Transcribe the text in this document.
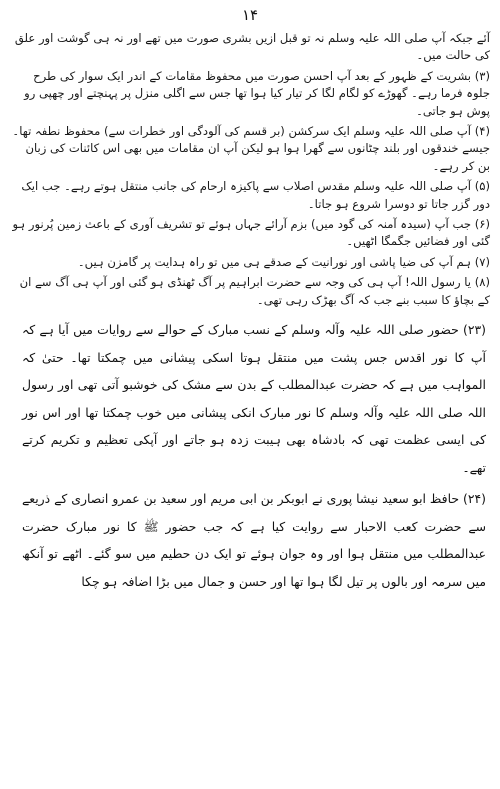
۱۴

آئے جبکہ آپ صلی اللہ علیہ وسلم نہ تو قبل ازیں بشری صورت میں تھے اور نہ ہی گوشت اور علق کی حالت میں۔

(۳) بشریت کے ظہور کے بعد آپ احسن صورت میں محفوظ مقامات کے اندر ایک سوار کی طرح جلوہ فرما رہے۔ گھوڑے کو لگام لگا کر تیار کیا ہوا تھا جس سے اگلی منزل پر پہنچتے اور چھپی رو پوش ہو جاتی۔

(۴) آپ صلی اللہ علیہ وسلم ایک سرکشن (بر قسم کی آلودگی اور خطرات سے) محفوظ نطفہ تھا۔ جیسے خندقوں اور بلند چٹانوں سے گھرا ہوا ہو لیکن آپ ان مقامات میں بھی اس کائنات کی زبان بن کر رہے۔

(۵) آپ صلی اللہ علیہ وسلم مقدس اصلاب سے پاکیزہ ارحام کی جانب منتقل ہوتے رہے۔ جب ایک دور گزر جاتا تو دوسرا شروع ہو جاتا۔

(۶) جب آپ (سیدہ آمنہ کی گود میں) بزم آرائے جہاں ہوئے تو تشریف آوری کے باعث زمین پُرنور ہو گئی اور فضائیں جگمگا اٹھیں۔

(۷) ہم آپ کی ضیا پاشی اور نورانیت کے صدقے ہی میں تو راہ ہدایت پر گامزن ہیں۔

(۸) یا رسول اللہ! آپ ہی کی وجہ سے حضرت ابراہیم پر آگ ٹھنڈی ہو گئی اور آپ ہی آگ سے ان کے بچاؤ کا سبب بنے جب کہ آگ بھڑک رہی تھی۔

(۲۳) حضور صلی اللہ علیہ وآلہ وسلم کے نسب مبارک کے حوالے سے روایات میں آیا ہے کہ آپ کا نور اقدس جس پشت میں منتقل ہوتا اسکی پیشانی میں چمکتا تھا۔ حتیٰ کہ المواہب میں ہے کہ حضرت عبدالمطلب کے بدن سے مشک کی خوشبو آتی تھی اور رسول اللہ صلی اللہ علیہ وآلہ وسلم کا نور مبارک انکی پیشانی میں خوب چمکتا تھا اور اس نور کی ایسی عظمت تھی کہ بادشاہ بھی ہیبت زدہ ہو جاتے اور آپکی تعظیم و تکریم کرتے تھے۔

(۲۴) حافظ ابو سعید نیشا پوری نے ابوبکر بن ابی مریم اور سعید بن عمرو انصاری کے ذریعے سے حضرت کعب الاحبار سے روایت کیا ہے کہ جب حضور ﷺ کا نور مبارک حضرت عبدالمطلب میں منتقل ہوا اور وہ جوان ہوئے تو ایک دن حطیم میں سو گئے۔ اٹھے تو آنکھ میں سرمہ اور بالوں پر تیل لگا ہوا تھا اور حسن و جمال میں بڑا اضافہ ہو چکا
